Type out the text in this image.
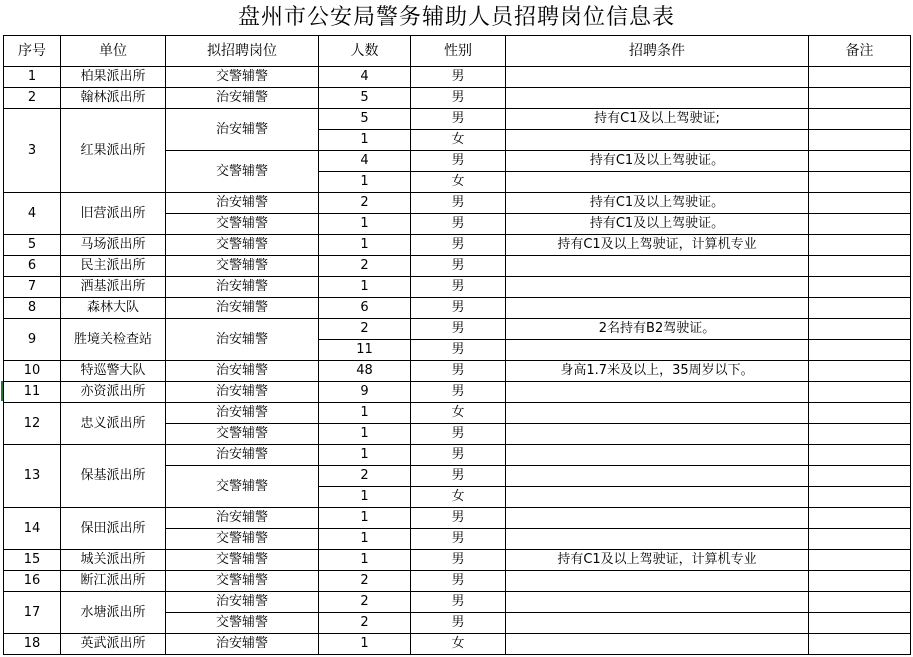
盘州市公安局警务辅助人员招聘岗位信息表
序号	单位	拟招聘岗位	人数	性别	招聘条件	备注
1	柏果派出所	交警辅警	4	男		
2	翰林派出所	治安辅警	5	男		
3	红果派出所	治安辅警	5	男	持有C1及以上驾驶证;	
			1	女		
		交警辅警	4	男	持有C1及以上驾驶证。	
			1	女		
4	旧营派出所	治安辅警	2	男	持有C1及以上驾驶证。	
		交警辅警	1	男	持有C1及以上驾驶证。	
5	马场派出所	交警辅警	1	男	持有C1及以上驾驶证，计算机专业	
6	民主派出所	交警辅警	2	男		
7	洒基派出所	治安辅警	1	男		
8	森林大队	治安辅警	6	男		
9	胜境关检查站	治安辅警	2	男	2名持有B2驾驶证。	
			11	男		
10	特巡警大队	治安辅警	48	男	身高1.7米及以上，35周岁以下。	
11	亦资派出所	治安辅警	9	男		
12	忠义派出所	治安辅警	1	女		
		交警辅警	1	男		
13	保基派出所	治安辅警	1	男		
		交警辅警	2	男		
			1	女		
14	保田派出所	治安辅警	1	男		
		交警辅警	1	男		
15	城关派出所	交警辅警	1	男	持有C1及以上驾驶证，计算机专业	
16	断江派出所	交警辅警	2	男		
17	水塘派出所	治安辅警	2	男		
		交警辅警	2	男		
18	英武派出所	治安辅警	1	女		
